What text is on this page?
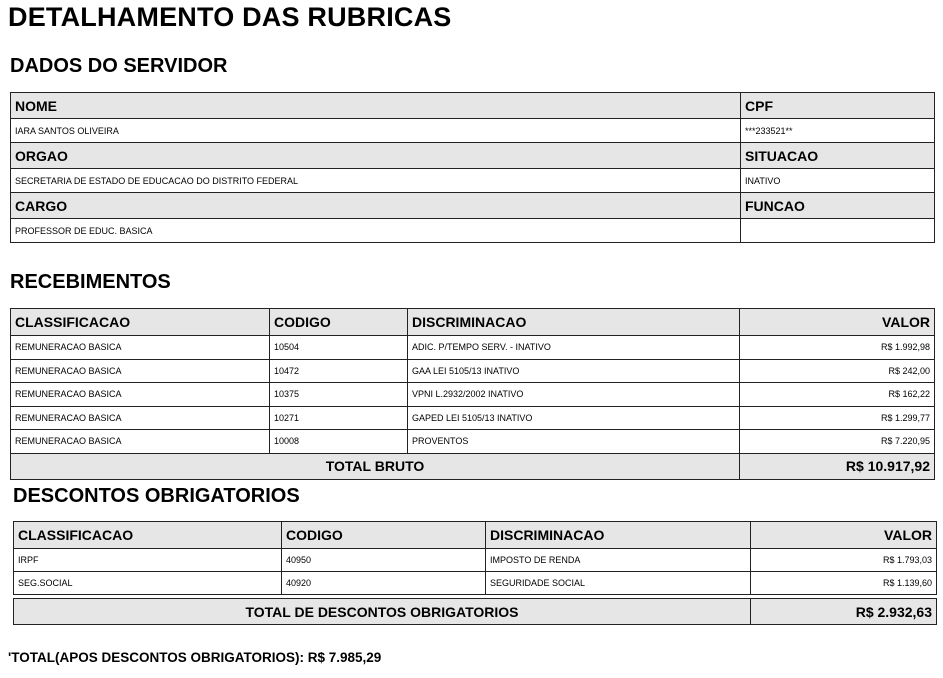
DETALHAMENTO DAS RUBRICAS
DADOS DO SERVIDOR
NOME	CPF
IARA SANTOS OLIVEIRA	***233521**
ORGAO	SITUACAO
SECRETARIA DE ESTADO DE EDUCACAO DO DISTRITO FEDERAL	INATIVO
CARGO	FUNCAO
PROFESSOR DE EDUC. BASICA	
RECEBIMENTOS
CLASSIFICACAO	CODIGO	DISCRIMINACAO	VALOR
REMUNERACAO BASICA	10504	ADIC. P/TEMPO SERV. - INATIVO	R$ 1.992,98
REMUNERACAO BASICA	10472	GAA LEI 5105/13 INATIVO	R$ 242,00
REMUNERACAO BASICA	10375	VPNI L.2932/2002 INATIVO	R$ 162,22
REMUNERACAO BASICA	10271	GAPED LEI 5105/13 INATIVO	R$ 1.299,77
REMUNERACAO BASICA	10008	PROVENTOS	R$ 7.220,95
TOTAL BRUTO			R$ 10.917,92
DESCONTOS OBRIGATORIOS
CLASSIFICACAO	CODIGO	DISCRIMINACAO	VALOR
IRPF	40950	IMPOSTO DE RENDA	R$ 1.793,03
SEG.SOCIAL	40920	SEGURIDADE SOCIAL	R$ 1.139,60
TOTAL DE DESCONTOS OBRIGATORIOS	R$ 2.932,63
'TOTAL(APOS DESCONTOS OBRIGATORIOS): R$ 7.985,29
